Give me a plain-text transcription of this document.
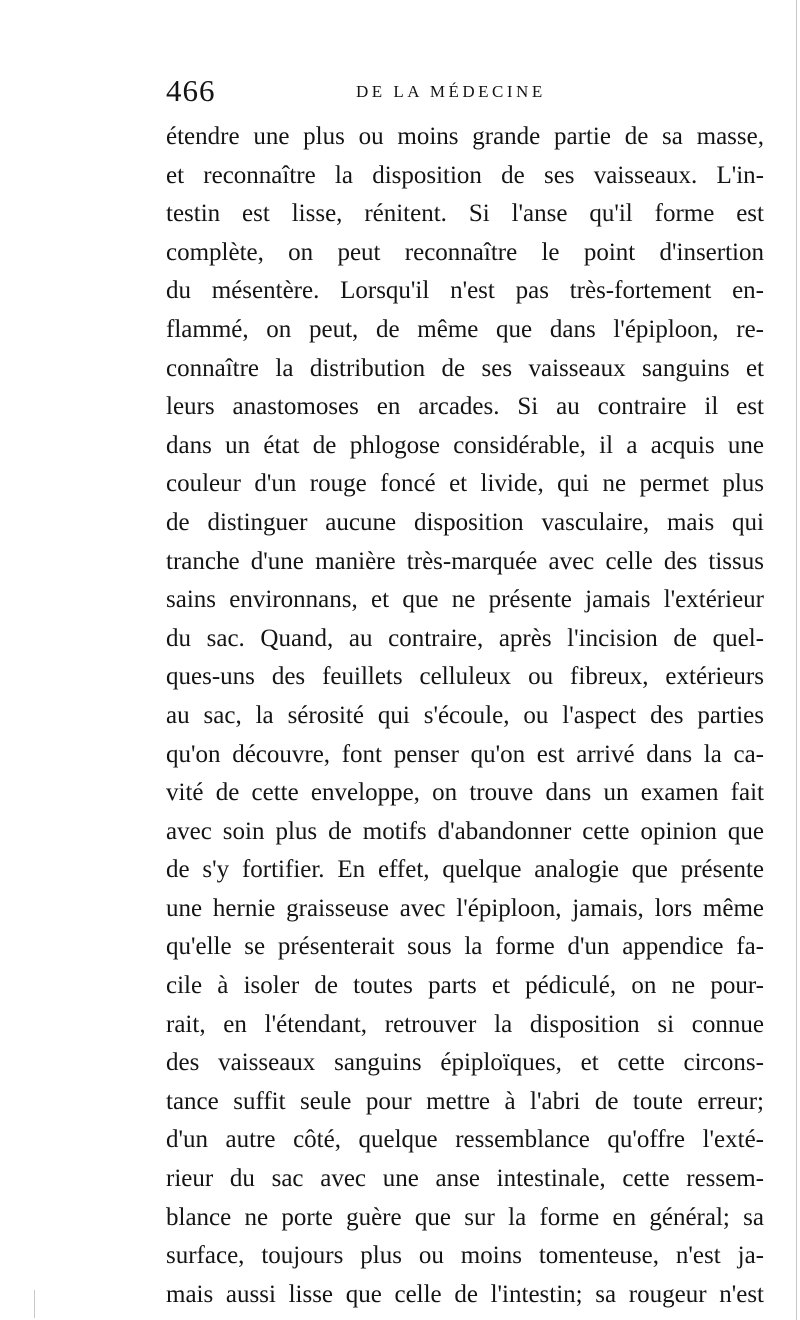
466	DE LA MÉDECINE
étendre une plus ou moins grande partie de sa masse,
et reconnaître la disposition de ses vaisseaux. L'in-
testin est lisse, rénitent. Si l'anse qu'il forme est
complète, on peut reconnaître le point d'insertion
du mésentère. Lorsqu'il n'est pas très-fortement en-
flammé, on peut, de même que dans l'épiploon, re-
connaître la distribution de ses vaisseaux sanguins et
leurs anastomoses en arcades. Si au contraire il est
dans un état de phlogose considérable, il a acquis une
couleur d'un rouge foncé et livide, qui ne permet plus
de distinguer aucune disposition vasculaire, mais qui
tranche d'une manière très-marquée avec celle des tissus
sains environnans, et que ne présente jamais l'extérieur
du sac. Quand, au contraire, après l'incision de quel-
ques-uns des feuillets celluleux ou fibreux, extérieurs
au sac, la sérosité qui s'écoule, ou l'aspect des parties
qu'on découvre, font penser qu'on est arrivé dans la ca-
vité de cette enveloppe, on trouve dans un examen fait
avec soin plus de motifs d'abandonner cette opinion que
de s'y fortifier. En effet, quelque analogie que présente
une hernie graisseuse avec l'épiploon, jamais, lors même
qu'elle se présenterait sous la forme d'un appendice fa-
cile à isoler de toutes parts et pédiculé, on ne pour-
rait, en l'étendant, retrouver la disposition si connue
des vaisseaux sanguins épiploïques, et cette circons-
tance suffit seule pour mettre à l'abri de toute erreur;
d'un autre côté, quelque ressemblance qu'offre l'exté-
rieur du sac avec une anse intestinale, cette ressem-
blance ne porte guère que sur la forme en général; sa
surface, toujours plus ou moins tomenteuse, n'est ja-
mais aussi lisse que celle de l'intestin; sa rougeur n'est
